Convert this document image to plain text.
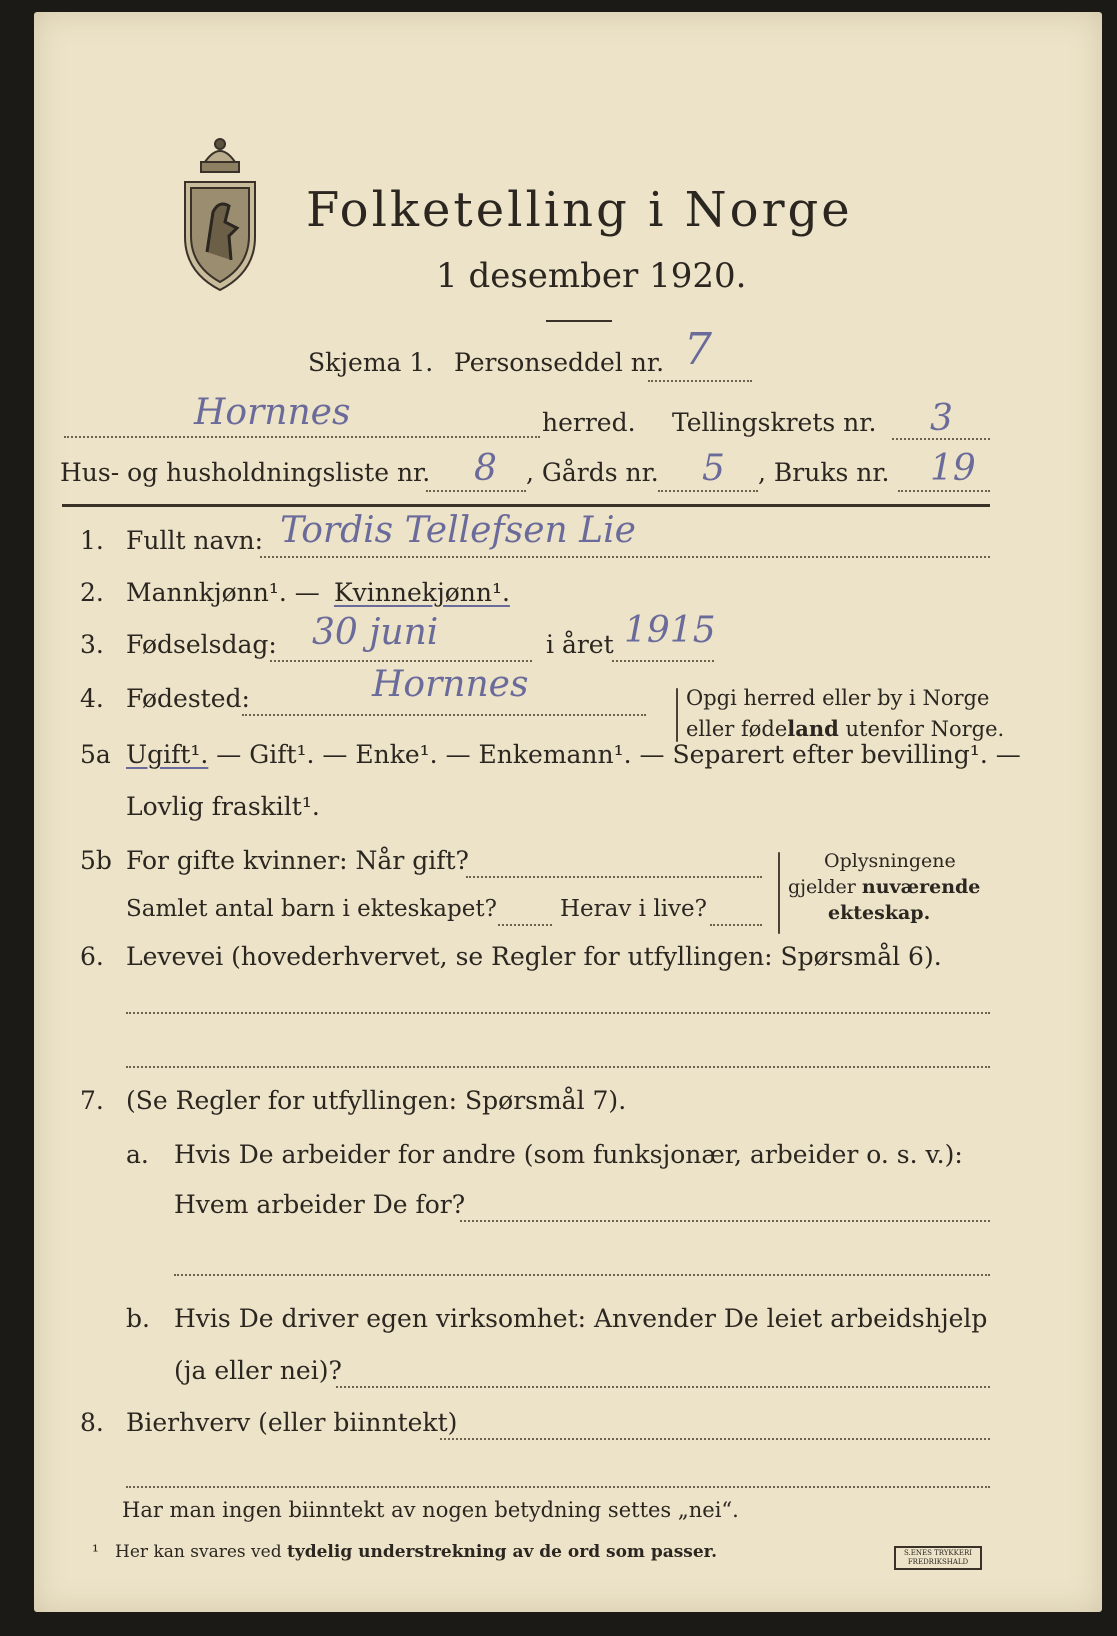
Folketelling i Norge
1 desember 1920.
Skjema 1. Personseddel nr. 7
Hornnes	herred. Tellingskrets nr. 3
Hus- og husholdningsliste nr. 8 , Gårds nr. 5 , Bruks nr. 19
1. Fullt navn: Tordis Tellefsen Lie
2. Mannkjønn¹. — Kvinnekjønn¹.
3. Fødselsdag: 30 juni	i året 1915
4. Fødested:	Hornnes	Opgi herred eller by i Norge
eller fødeland utenfor Norge.
5a Ugift¹. — Gift¹. — Enke¹. — Enkemann¹. — Separert efter bevilling¹. —
Lovlig fraskilt¹.
5b For gifte kvinner: Når gift?
Samlet antal barn i ekteskapet?	Herav i live?
Oplysningene
gjelder nuværende
ekteskap.
6. Levevei (hovederhvervet, se Regler for utfyllingen: Spørsmål 6).
7. (Se Regler for utfyllingen: Spørsmål 7).
a. Hvis De arbeider for andre (som funksjonær, arbeider o. s. v.):
Hvem arbeider De for?
b. Hvis De driver egen virksomhet: Anvender De leiet arbeidshjelp
(ja eller nei)?
8. Bierhverv (eller biinntekt)
Har man ingen biinntekt av nogen betydning settes „nei“.
¹ Her kan svares ved tydelig understrekning av de ord som passer.	S.ENES TRYKKERI FREDRIKSHALD
